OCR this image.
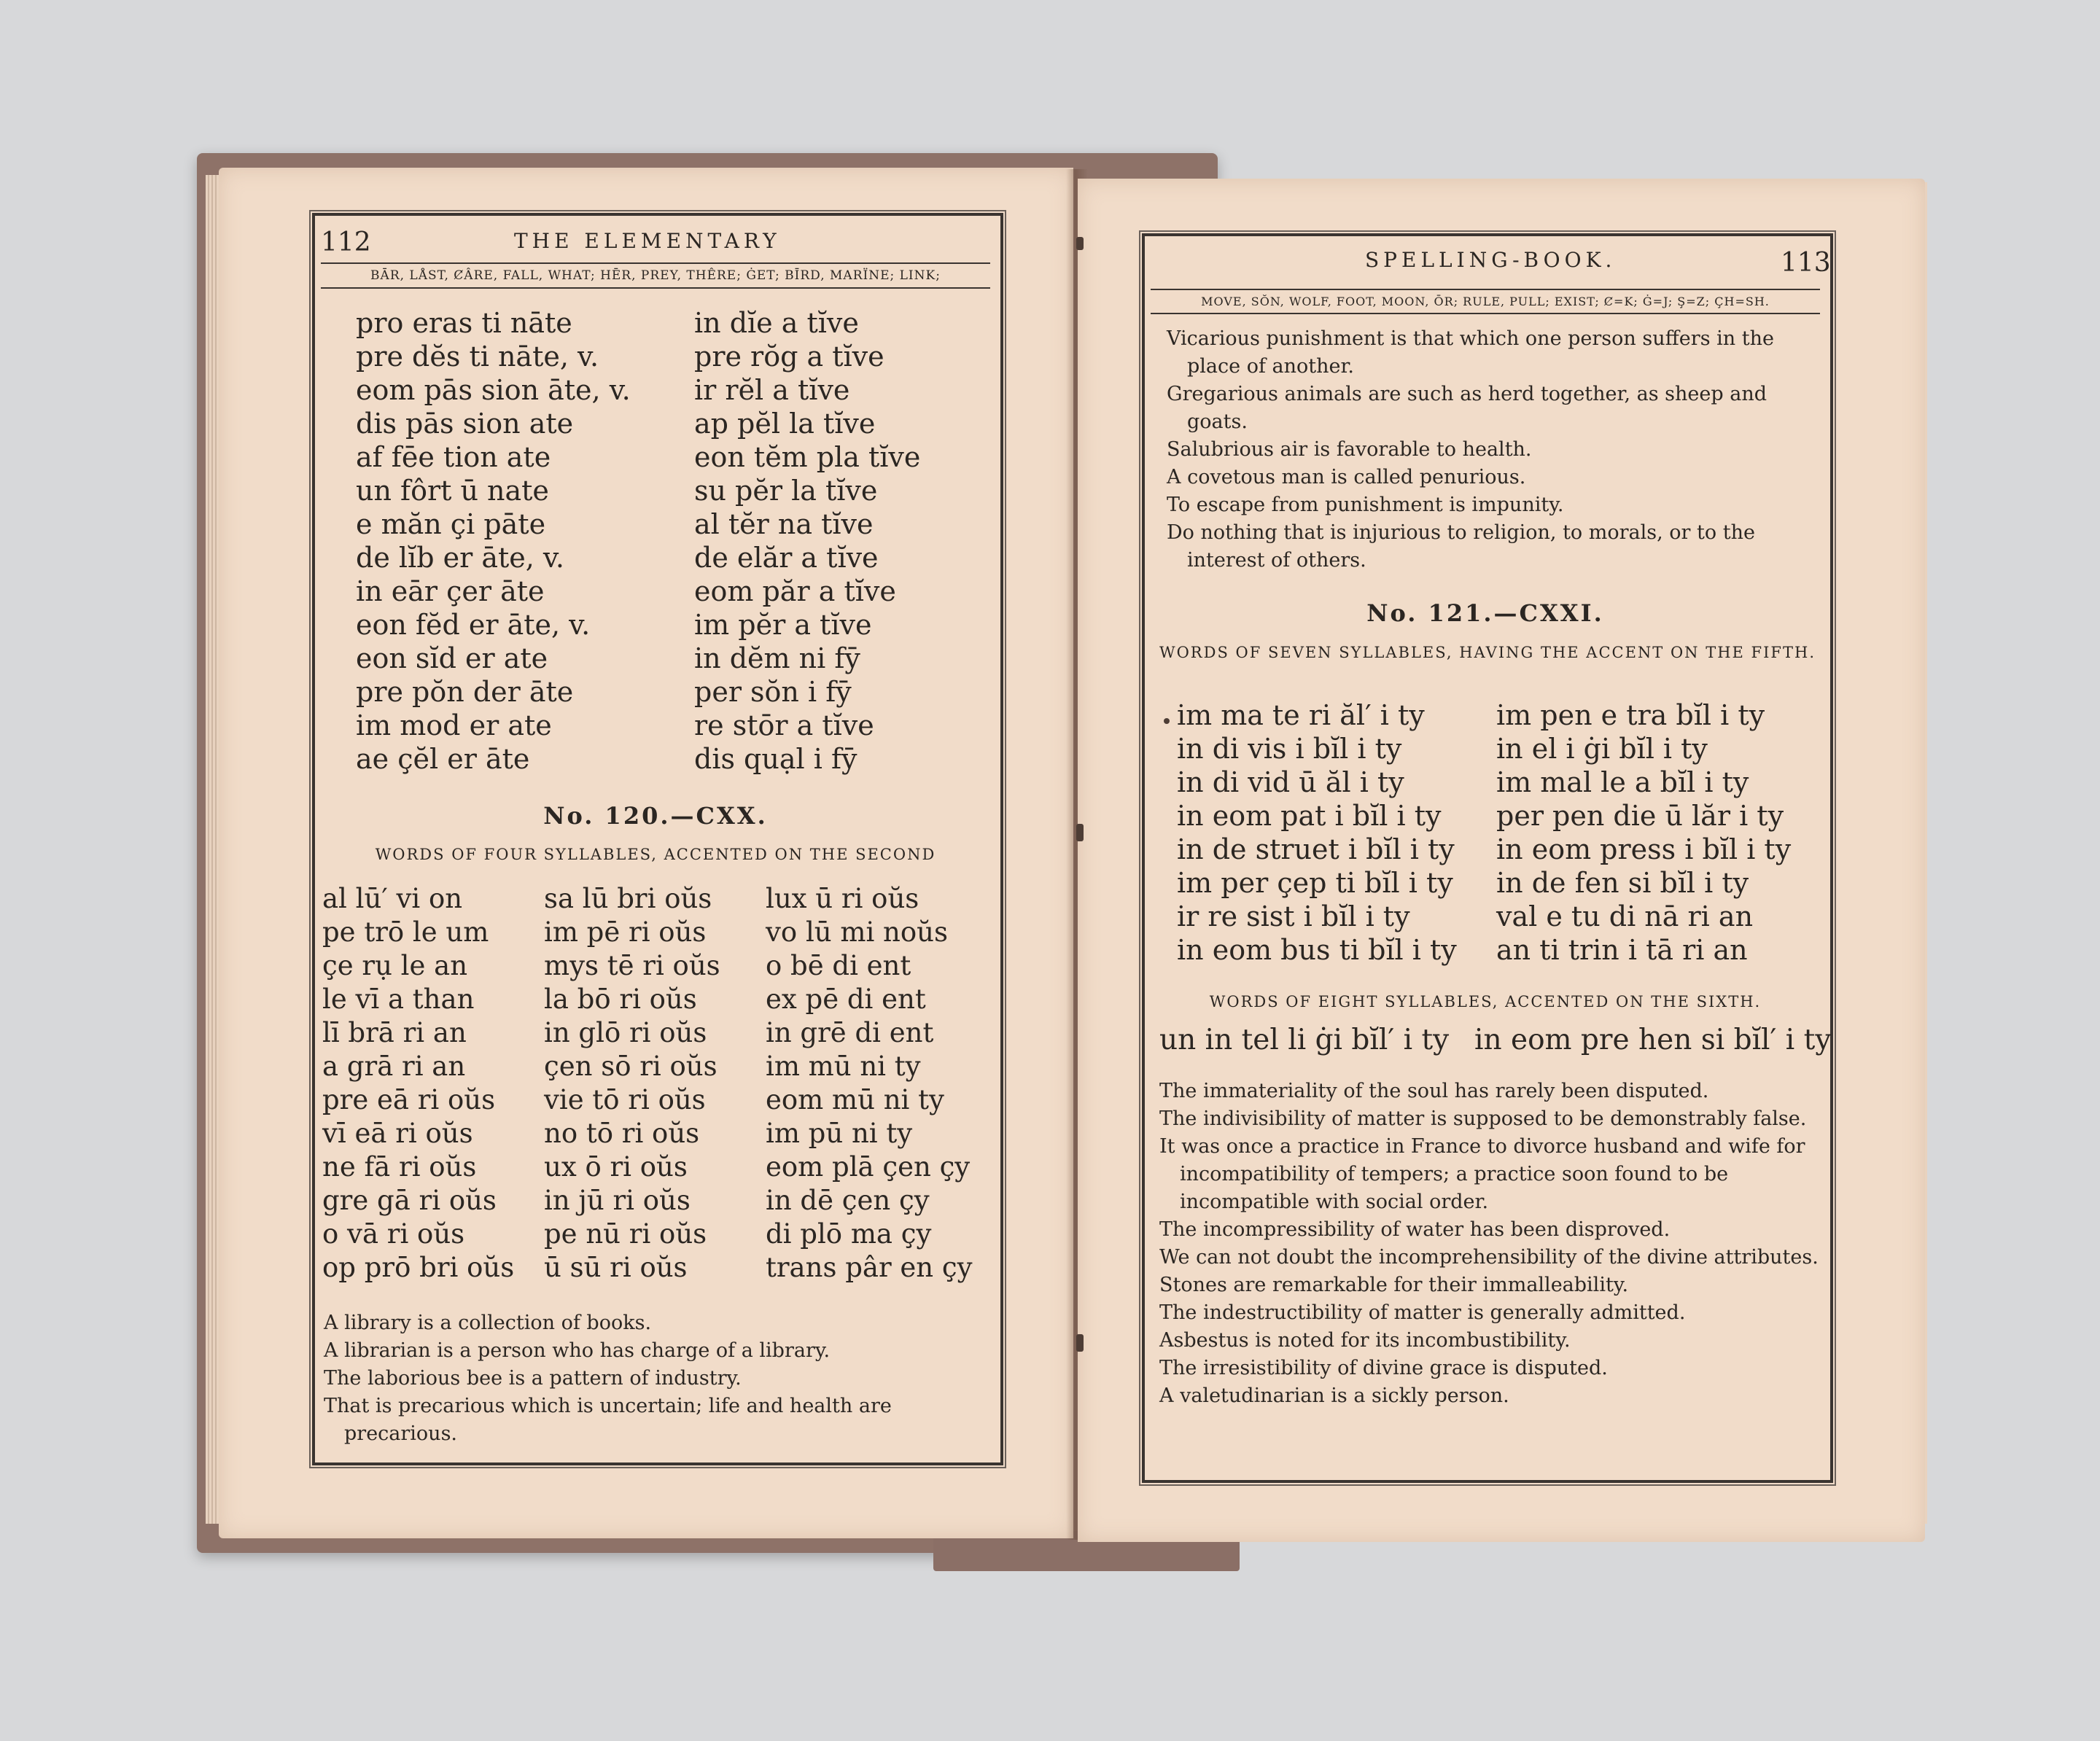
112	THE ELEMENTARY
BĀR, LÅST, ȻÂRE, FALL, WHAT; HĒR, PREY, THÊRE; ĠET; BĪRD, MARÏNE; LINK;
pro eras ti nāte
pre dĕs ti nāte, v.
eom pās sion āte, v.
dis pās sion ate
af fēe tion ate
un fôrt ū nate
e măn çi pāte
de lĭb er āte, v.
in eār çer āte
eon fĕd er āte, v.
eon sĭd er ate
pre pŏn der āte
im mod er ate
ae çĕl er āte
in dĭe a tĭve
pre rŏg a tĭve
ir rĕl a tĭve
ap pĕl la tĭve
eon tĕm pla tĭve
su pĕr la tĭve
al tĕr na tĭve
de elăr a tĭve
eom păr a tĭve
im pĕr a tĭve
in dĕm ni fȳ
per sŏn i fȳ
re stōr a tĭve
dis quạl i fȳ
No. 120.—CXX.
WORDS OF FOUR SYLLABLES, ACCENTED ON THE SECOND
al lū′ vi on
pe trō le um
çe rụ le an
le vī a than
lī brā ri an
a grā ri an
pre eā ri oŭs
vī eā ri oŭs
ne fā ri oŭs
gre gā ri oŭs
o vā ri oŭs
op prō bri oŭs
sa lū bri oŭs
im pē ri oŭs
mys tē ri oŭs
la bō ri oŭs
in glō ri oŭs
çen sō ri oŭs
vie tō ri oŭs
no tō ri oŭs
ux ō ri oŭs
in jū ri oŭs
pe nū ri oŭs
ū sū ri oŭs
lux ū ri oŭs
vo lū mi noŭs
o bē di ent
ex pē di ent
in grē di ent
im mū ni ty
eom mū ni ty
im pū ni ty
eom plā çen çy
in dē çen çy
di plō ma çy
trans pâr en çy
A library is a collection of books.
A librarian is a person who has charge of a library.
The laborious bee is a pattern of industry.
That is precarious which is uncertain; life and health are precarious.
SPELLING-BOOK.	113
MOVE, SŎN, WOLF, FOOT, MOON, ŌR; RULE, PULL; EXIST; Ȼ=K; Ġ=J; Ş=Z; ÇH=SH.
Vicarious punishment is that which one person suffers in the place of another.
Gregarious animals are such as herd together, as sheep and goats.
Salubrious air is favorable to health.
A covetous man is called penurious.
To escape from punishment is impunity.
Do nothing that is injurious to religion, to morals, or to the interest of others.
No. 121.—CXXI.
WORDS OF SEVEN SYLLABLES, HAVING THE ACCENT ON THE FIFTH.
im ma te ri ăl′ i ty
in di vis i bĭl i ty
in di vid ū ăl i ty
in eom pat i bĭl i ty
in de struet i bĭl i ty
im per çep ti bĭl i ty
ir re sist i bĭl i ty
in eom bus ti bĭl i ty
im pen e tra bĭl i ty
in el i ġi bĭl i ty
im mal le a bĭl i ty
per pen die ū lăr i ty
in eom press i bĭl i ty
in de fen si bĭl i ty
val e tu di nā ri an
an ti trin i tā ri an
WORDS OF EIGHT SYLLABLES, ACCENTED ON THE SIXTH.
un in tel li ġi bĭl′ i ty in eom pre hen si bĭl′ i ty
The immateriality of the soul has rarely been disputed.
The indivisibility of matter is supposed to be demonstrably false.
It was once a practice in France to divorce husband and wife for incompatibility of tempers; a practice soon found to be incompatible with social order.
The incompressibility of water has been disproved.
We can not doubt the incomprehensibility of the divine attributes.
Stones are remarkable for their immalleability.
The indestructibility of matter is generally admitted.
Asbestus is noted for its incombustibility.
The irresistibility of divine grace is disputed.
A valetudinarian is a sickly person.
